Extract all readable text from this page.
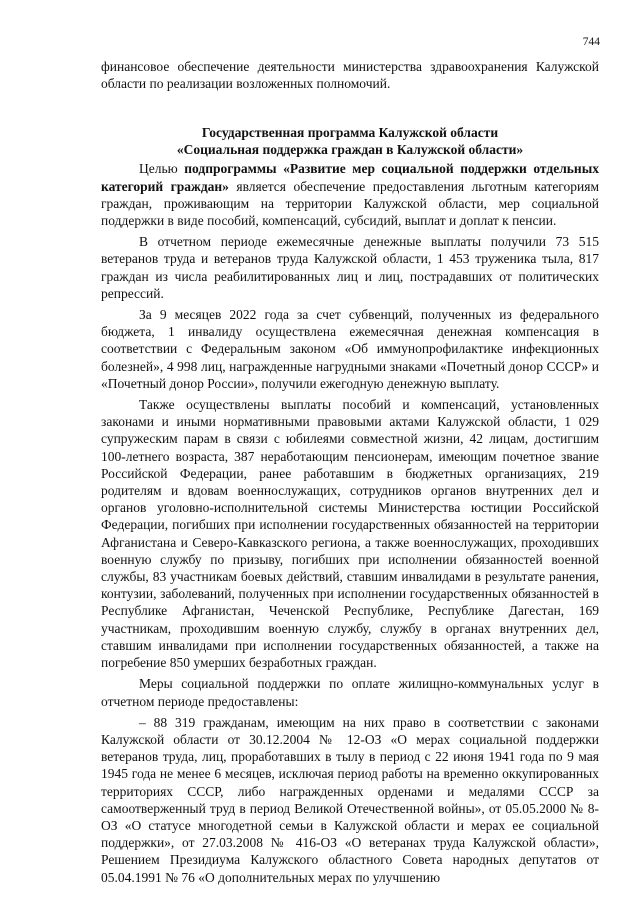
744

финансовое обеспечение деятельности министерства здравоохранения Калужской области по реализации возложенных полномочий.

Государственная программа Калужской области
«Социальная поддержка граждан в Калужской области»

Целью подпрограммы «Развитие мер социальной поддержки отдельных категорий граждан» является обеспечение предоставления льготным категориям граждан, проживающим на территории Калужской области, мер социальной поддержки в виде пособий, компенсаций, субсидий, выплат и доплат к пенсии.

В отчетном периоде ежемесячные денежные выплаты получили 73 515 ветеранов труда и ветеранов труда Калужской области, 1 453 труженика тыла, 817 граждан из числа реабилитированных лиц и лиц, пострадавших от политических репрессий.

За 9 месяцев 2022 года за счет субвенций, полученных из федерального бюджета, 1 инвалиду осуществлена ежемесячная денежная компенсация в соответствии с Федеральным законом «Об иммунопрофилактике инфекционных болезней», 4 998 лиц, награжденные нагрудными знаками «Почетный донор СССР» и «Почетный донор России», получили ежегодную денежную выплату.

Также осуществлены выплаты пособий и компенсаций, установленных законами и иными нормативными правовыми актами Калужской области, 1 029 супружеским парам в связи с юбилеями совместной жизни, 42 лицам, достигшим 100-летнего возраста, 387 неработающим пенсионерам, имеющим почетное звание Российской Федерации, ранее работавшим в бюджетных организациях, 219 родителям и вдовам военнослужащих, сотрудников органов внутренних дел и органов уголовно-исполнительной системы Министерства юстиции Российской Федерации, погибших при исполнении государственных обязанностей на территории Афганистана и Северо-Кавказского региона, а также военнослужащих, проходивших военную службу по призыву, погибших при исполнении обязанностей военной службы, 83 участникам боевых действий, ставшим инвалидами в результате ранения, контузии, заболеваний, полученных при исполнении государственных обязанностей в Республике Афганистан, Чеченской Республике, Республике Дагестан, 169 участникам, проходившим военную службу, службу в органах внутренних дел, ставшим инвалидами при исполнении государственных обязанностей, а также на погребение 850 умерших безработных граждан.

Меры социальной поддержки по оплате жилищно-коммунальных услуг в отчетном периоде предоставлены:

– 88 319 гражданам, имеющим на них право в соответствии с законами Калужской области от 30.12.2004 № 12-ОЗ «О мерах социальной поддержки ветеранов труда, лиц, проработавших в тылу в период с 22 июня 1941 года по 9 мая 1945 года не менее 6 месяцев, исключая период работы на временно оккупированных территориях СССР, либо награжденных орденами и медалями СССР за самоотверженный труд в период Великой Отечественной войны», от 05.05.2000 № 8-ОЗ «О статусе многодетной семьи в Калужской области и мерах ее социальной поддержки», от 27.03.2008 № 416-ОЗ «О ветеранах труда Калужской области», Решением Президиума Калужского областного Совета народных депутатов от 05.04.1991 № 76 «О дополнительных мерах по улучшению
